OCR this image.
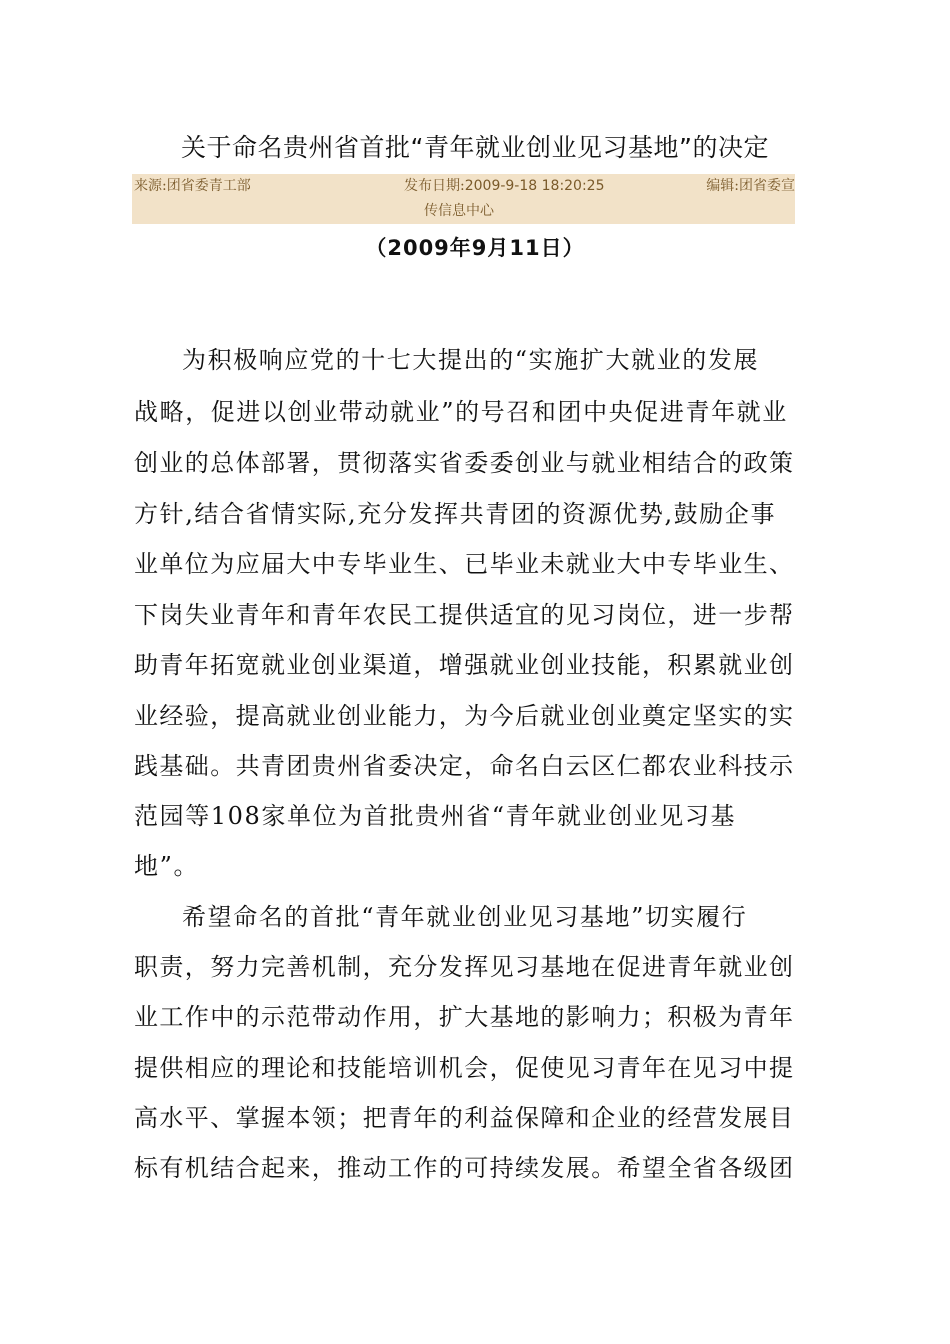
关于命名贵州省首批“青年就业创业见习基地”的决定
来源:团省委青工部	发布日期:2009-9-18 18:20:25	编辑:团省委宣
传信息中心
（2009年9月11日）
为积极响应党的十七大提出的“实施扩大就业的发展
战略，促进以创业带动就业”的号召和团中央促进青年就业
创业的总体部署，贯彻落实省委委创业与就业相结合的政策
方针,结合省情实际,充分发挥共青团的资源优势,鼓励企事
业单位为应届大中专毕业生、已毕业未就业大中专毕业生、
下岗失业青年和青年农民工提供适宜的见习岗位，进一步帮
助青年拓宽就业创业渠道，增强就业创业技能，积累就业创
业经验，提高就业创业能力，为今后就业创业奠定坚实的实
践基础。共青团贵州省委决定，命名白云区仁都农业科技示
范园等108家单位为首批贵州省“青年就业创业见习基
地”。
希望命名的首批“青年就业创业见习基地”切实履行
职责，努力完善机制，充分发挥见习基地在促进青年就业创
业工作中的示范带动作用，扩大基地的影响力；积极为青年
提供相应的理论和技能培训机会，促使见习青年在见习中提
高水平、掌握本领；把青年的利益保障和企业的经营发展目
标有机结合起来，推动工作的可持续发展。希望全省各级团
